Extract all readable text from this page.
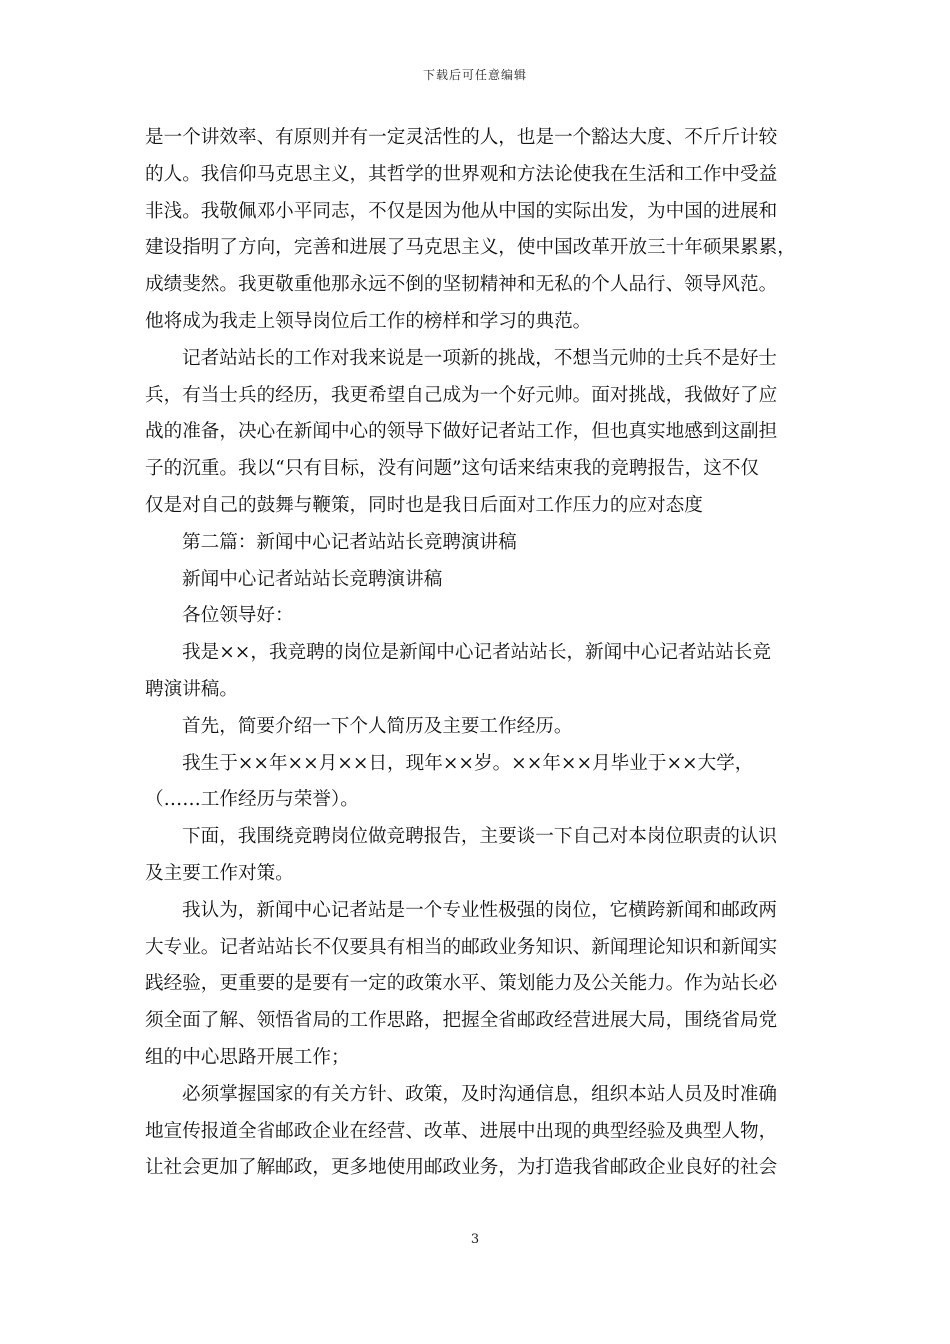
下载后可任意编辑
是一个讲效率、有原则并有一定灵活性的人，也是一个豁达大度、不斤斤计较
的人。我信仰马克思主义，其哲学的世界观和方法论使我在生活和工作中受益
非浅。我敬佩邓小平同志，不仅是因为他从中国的实际出发，为中国的进展和
建设指明了方向，完善和进展了马克思主义，使中国改革开放三十年硕果累累，
成绩斐然。我更敬重他那永远不倒的坚韧精神和无私的个人品行、领导风范。
他将成为我走上领导岗位后工作的榜样和学习的典范。
记者站站长的工作对我来说是一项新的挑战，不想当元帅的士兵不是好士
兵，有当士兵的经历，我更希望自己成为一个好元帅。面对挑战，我做好了应
战的准备，决心在新闻中心的领导下做好记者站工作，但也真实地感到这副担
子的沉重。我以“只有目标，没有问题”这句话来结束我的竞聘报告，这不仅
仅是对自己的鼓舞与鞭策，同时也是我日后面对工作压力的应对态度
第二篇：新闻中心记者站站长竞聘演讲稿
新闻中心记者站站长竞聘演讲稿
各位领导好：
我是××，我竞聘的岗位是新闻中心记者站站长，新闻中心记者站站长竞
聘演讲稿。
首先，简要介绍一下个人简历及主要工作经历。
我生于××年××月××日，现年××岁。××年××月毕业于××大学，
（……工作经历与荣誉）。
下面，我围绕竞聘岗位做竞聘报告，主要谈一下自己对本岗位职责的认识
及主要工作对策。
我认为，新闻中心记者站是一个专业性极强的岗位，它横跨新闻和邮政两
大专业。记者站站长不仅要具有相当的邮政业务知识、新闻理论知识和新闻实
践经验，更重要的是要有一定的政策水平、策划能力及公关能力。作为站长必
须全面了解、领悟省局的工作思路，把握全省邮政经营进展大局，围绕省局党
组的中心思路开展工作；
必须掌握国家的有关方针、政策，及时沟通信息，组织本站人员及时准确
地宣传报道全省邮政企业在经营、改革、进展中出现的典型经验及典型人物，
让社会更加了解邮政，更多地使用邮政业务，为打造我省邮政企业良好的社会
3
